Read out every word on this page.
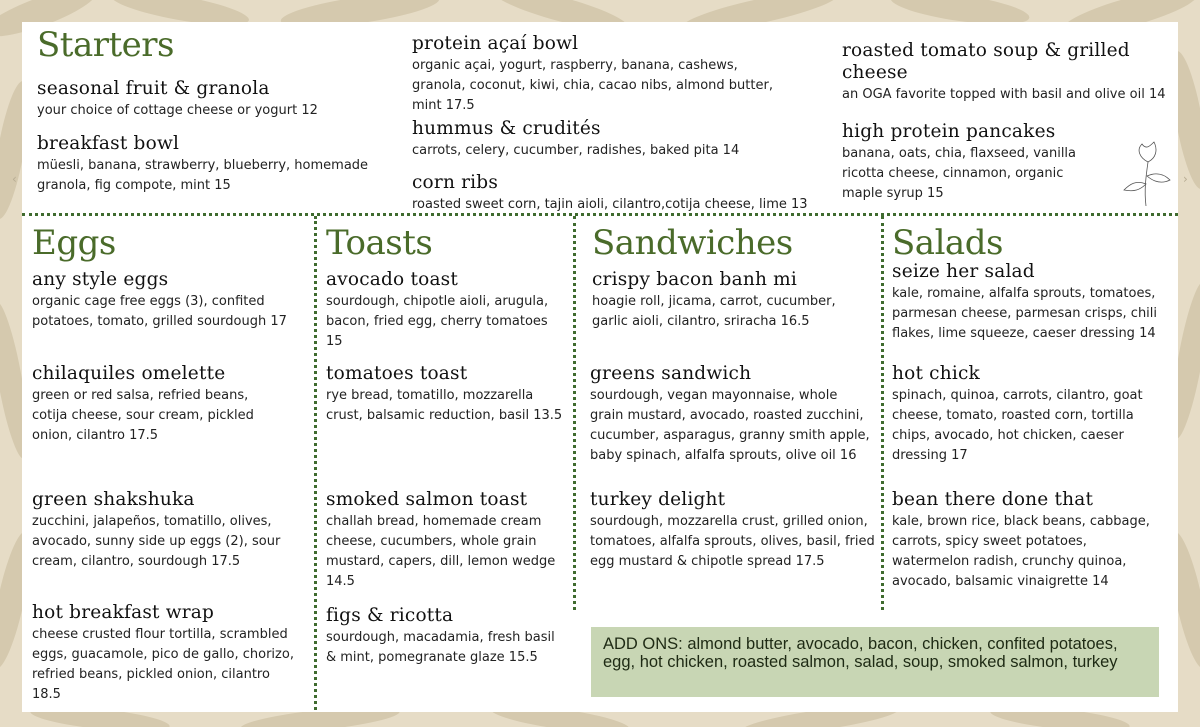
‹	›
Starters
seasonal fruit & granola
your choice of cottage cheese or yogurt 12
breakfast bowl
müesli, banana, strawberry, blueberry, homemade granola, fig compote, mint 15
protein açaí bowl
organic açai, yogurt, raspberry, banana, cashews, granola, coconut, kiwi, chia, cacao nibs, almond butter, mint 17.5
hummus & crudités
carrots, celery, cucumber, radishes, baked pita 14
corn ribs
roasted sweet corn, tajin aioli, cilantro,cotija cheese, lime 13
roasted tomato soup & grilled cheese
an OGA favorite topped with basil and olive oil 14
high protein pancakes
banana, oats, chia, flaxseed, vanilla ricotta cheese, cinnamon, organic maple syrup 15
Eggs
any style eggs
organic cage free eggs (3), confited potatoes, tomato, grilled sourdough 17
chilaquiles omelette
green or red salsa, refried beans, cotija cheese, sour cream, pickled onion, cilantro 17.5
green shakshuka
zucchini, jalapeños, tomatillo, olives, avocado, sunny side up eggs (2), sour cream, cilantro, sourdough 17.5
hot breakfast wrap
cheese crusted flour tortilla, scrambled eggs, guacamole, pico de gallo, chorizo, refried beans, pickled onion, cilantro 18.5
Toasts
avocado toast
sourdough, chipotle aioli, arugula, bacon, fried egg, cherry tomatoes 15
tomatoes toast
rye bread, tomatillo, mozzarella crust, balsamic reduction, basil 13.5
smoked salmon toast
challah bread, homemade cream cheese, cucumbers, whole grain mustard, capers, dill, lemon wedge 14.5
figs & ricotta
sourdough, macadamia, fresh basil & mint, pomegranate glaze 15.5
Sandwiches
crispy bacon banh mi
hoagie roll, jicama, carrot, cucumber, garlic aioli, cilantro, sriracha 16.5
greens sandwich
sourdough, vegan mayonnaise, whole grain mustard, avocado, roasted zucchini, cucumber, asparagus, granny smith apple, baby spinach, alfalfa sprouts, olive oil 16
turkey delight
sourdough, mozzarella crust, grilled onion, tomatoes, alfalfa sprouts, olives, basil, fried egg mustard & chipotle spread 17.5
Salads
seize her salad
kale, romaine, alfalfa sprouts, tomatoes, parmesan cheese, parmesan crisps, chili flakes, lime squeeze, caeser dressing 14
hot chick
spinach, quinoa, carrots, cilantro, goat cheese, tomato, roasted corn, tortilla chips, avocado, hot chicken, caeser dressing 17
bean there done that
kale, brown rice, black beans, cabbage, carrots, spicy sweet potatoes, watermelon radish, crunchy quinoa, avocado, balsamic vinaigrette 14
ADD ONS: almond butter, avocado, bacon, chicken, confited potatoes, egg, hot chicken, roasted salmon, salad, soup, smoked salmon, turkey
